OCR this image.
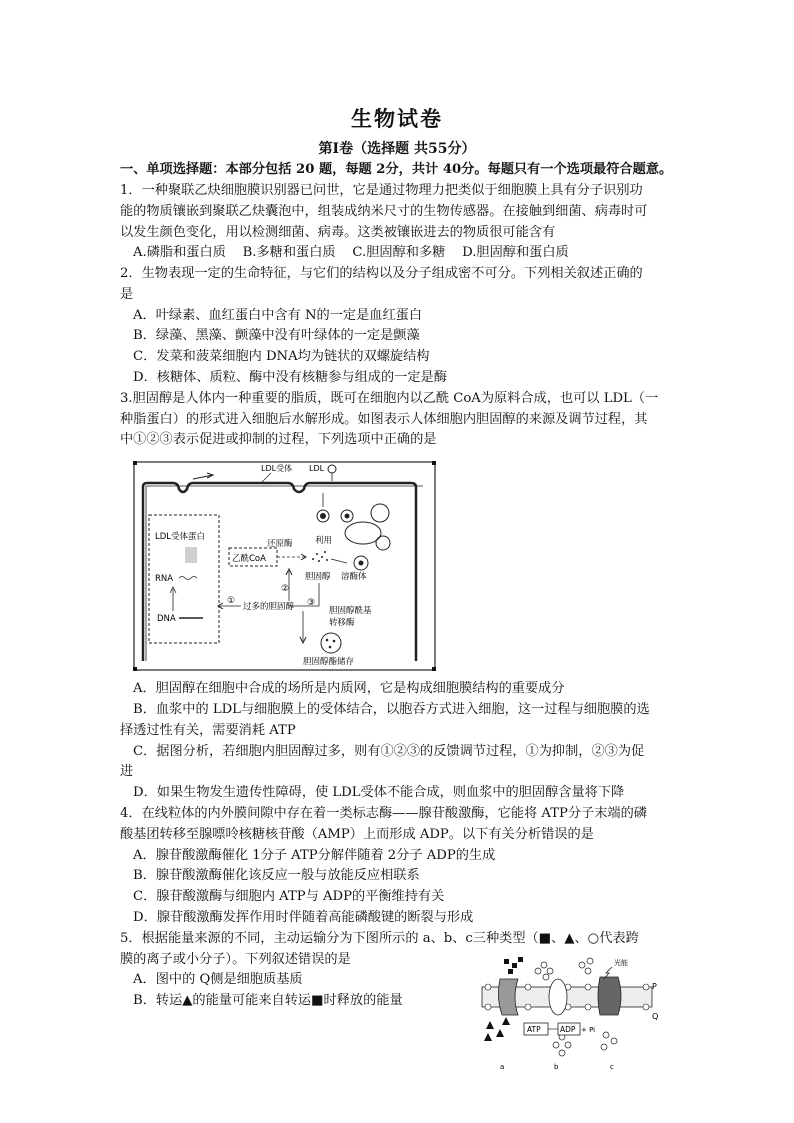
生物试卷
第Ⅰ卷（选择题 共55分）
一、单项选择题：本部分包括 20 题，每题 2分，共计 40分。每题只有一个选项最符合题意。
1．一种聚联乙炔细胞膜识别器已问世，它是通过物理力把类似于细胞膜上具有分子识别功
能的物质镶嵌到聚联乙炔囊泡中，组装成纳米尺寸的生物传感器。在接触到细菌、病毒时可
以发生颜色变化，用以检测细菌、病毒。这类被镶嵌进去的物质很可能含有
A.磷脂和蛋白质    B.多糖和蛋白质    C.胆固醇和多糖    D.胆固醇和蛋白质
2．生物表现一定的生命特征，与它们的结构以及分子组成密不可分。下列相关叙述正确的
是
A．叶绿素、血红蛋白中含有 N的一定是血红蛋白
B．绿藻、黑藻、颤藻中没有叶绿体的一定是颤藻
C．发菜和菠菜细胞内 DNA均为链状的双螺旋结构
D．核糖体、质粒、酶中没有核糖参与组成的一定是酶
3.胆固醇是人体内一种重要的脂质，既可在细胞内以乙酰 CoA为原料合成，也可以 LDL（一
种脂蛋白）的形式进入细胞后水解形成。如图表示人体细胞内胆固醇的来源及调节过程，其
中①②③表示促进或抑制的过程，下列选项中正确的是
LDL受体 LDL
LDL受体蛋白
RNA
DNA
乙酰CoA
还原酶	利用
胆固醇 溶酶体
②
过多的胆固醇
①	③
胆固醇酰基
转移酶
胆固醇酯储存
A．胆固醇在细胞中合成的场所是内质网，它是构成细胞膜结构的重要成分
B．血浆中的 LDL与细胞膜上的受体结合，以胞吞方式进入细胞，这一过程与细胞膜的选
择透过性有关，需要消耗 ATP
C．据图分析，若细胞内胆固醇过多，则有①②③的反馈调节过程，①为抑制，②③为促
进
D．如果生物发生遗传性障碍，使 LDL受体不能合成，则血浆中的胆固醇含量将下降
4．在线粒体的内外膜间隙中存在着一类标志酶——腺苷酸激酶，它能将 ATP分子末端的磷
酸基团转移至腺嘌呤核糖核苷酸（AMP）上而形成 ADP。以下有关分析错误的是
A．腺苷酸激酶催化 1分子 ATP分解伴随着 2分子 ADP的生成
B．腺苷酸激酶催化该反应一般与放能反应相联系
C．腺苷酸激酶与细胞内 ATP与 ADP的平衡维持有关
D．腺苷酸激酶发挥作用时伴随着高能磷酸键的断裂与形成
5．根据能量来源的不同，主动运输分为下图所示的 a、b、c三种类型（■、▲、○代表跨
膜的离子或小分子）。下列叙述错误的是
A．图中的 Q侧是细胞质基质
B．转运▲的能量可能来自转运■时释放的能量
ATP	ADP + Pi
光能
P
Q
a	b	c
